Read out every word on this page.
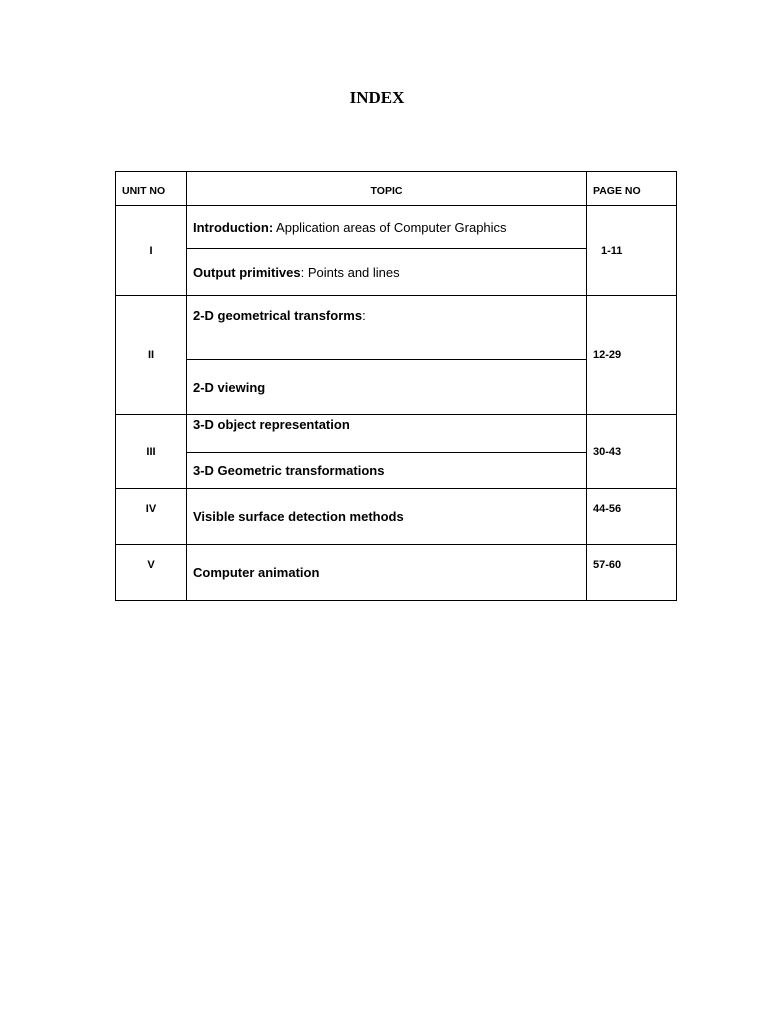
INDEX
UNIT NO	TOPIC	PAGE NO

I	Introduction: Application areas of Computer Graphics	1-11
	Output primitives: Points and lines	
II	2-D geometrical transforms:	12-29
	2-D viewing	
III	3-D object representation	30-43
	3-D Geometric transformations	

IV	Visible surface detection methods	44-56

V	Computer animation	57-60
